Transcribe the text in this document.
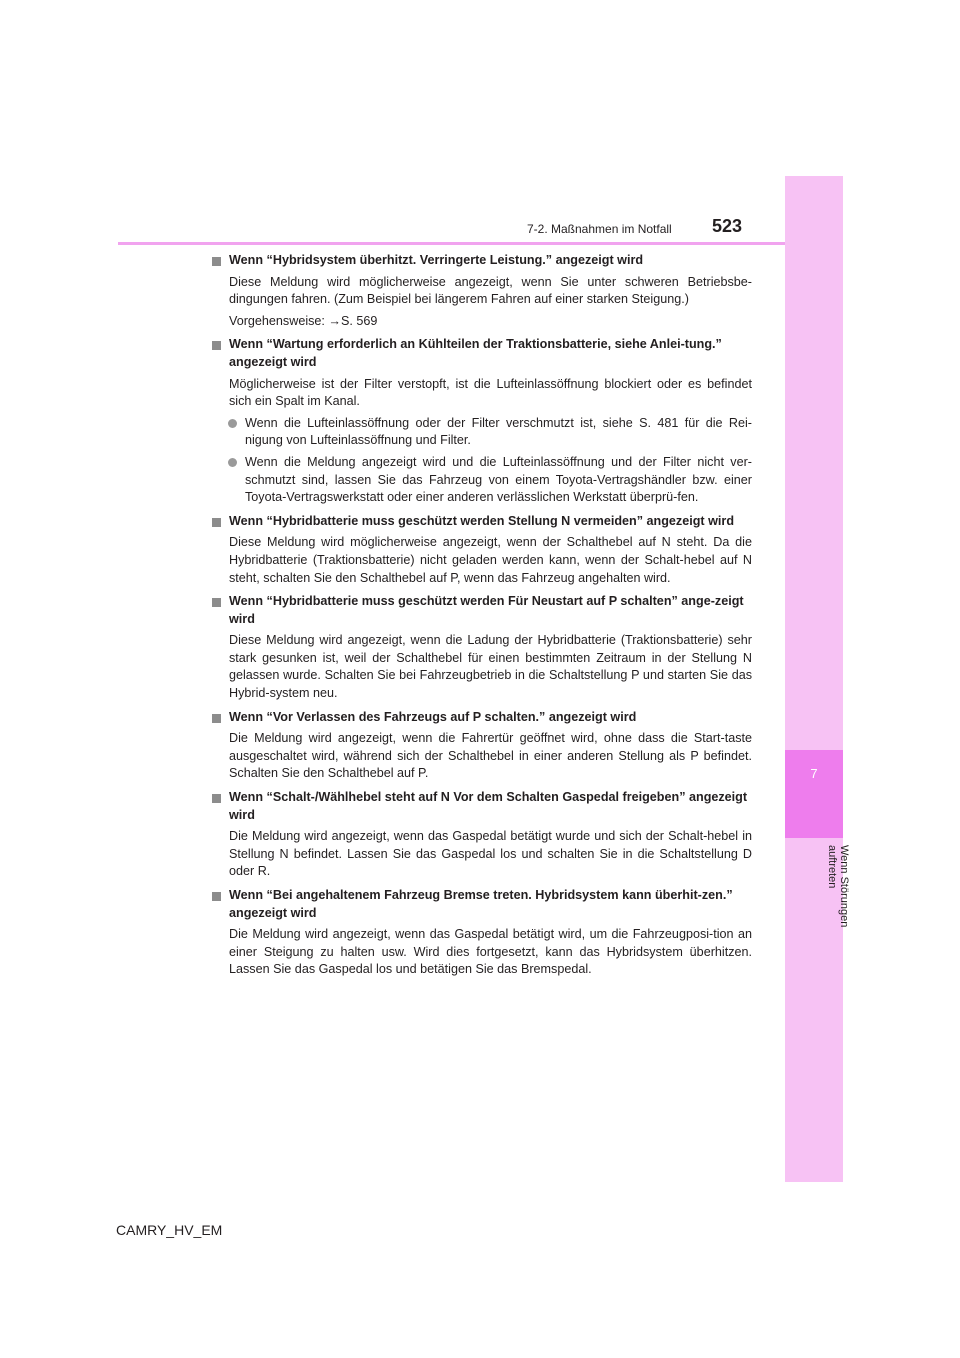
7
Wenn Störungen auftreten
7-2. Maßnahmen im Notfall 523
Wenn “Hybridsystem überhitzt. Verringerte Leistung.” angezeigt wird
Diese Meldung wird möglicherweise angezeigt, wenn Sie unter schweren Betriebsbe-dingungen fahren. (Zum Beispiel bei längerem Fahren auf einer starken Steigung.)
Vorgehensweise: →S. 569
Wenn “Wartung erforderlich an Kühlteilen der Traktionsbatterie, siehe Anlei-tung.” angezeigt wird
Möglicherweise ist der Filter verstopft, ist die Lufteinlassöffnung blockiert oder es befindet sich ein Spalt im Kanal.
Wenn die Lufteinlassöffnung oder der Filter verschmutzt ist, siehe S. 481 für die Rei-nigung von Lufteinlassöffnung und Filter.
Wenn die Meldung angezeigt wird und die Lufteinlassöffnung und der Filter nicht ver-schmutzt sind, lassen Sie das Fahrzeug von einem Toyota-Vertragshändler bzw. einer Toyota-Vertragswerkstatt oder einer anderen verlässlichen Werkstatt überprü-fen.
Wenn “Hybridbatterie muss geschützt werden Stellung N vermeiden” angezeigt wird
Diese Meldung wird möglicherweise angezeigt, wenn der Schalthebel auf N steht. Da die Hybridbatterie (Traktionsbatterie) nicht geladen werden kann, wenn der Schalt-hebel auf N steht, schalten Sie den Schalthebel auf P, wenn das Fahrzeug angehalten wird.
Wenn “Hybridbatterie muss geschützt werden Für Neustart auf P schalten” ange-zeigt wird
Diese Meldung wird angezeigt, wenn die Ladung der Hybridbatterie (Traktionsbatterie) sehr stark gesunken ist, weil der Schalthebel für einen bestimmten Zeitraum in der Stellung N gelassen wurde. Schalten Sie bei Fahrzeugbetrieb in die Schaltstellung P und starten Sie das Hybrid-system neu.
Wenn “Vor Verlassen des Fahrzeugs auf P schalten.” angezeigt wird
Die Meldung wird angezeigt, wenn die Fahrertür geöffnet wird, ohne dass die Start-taste ausgeschaltet wird, während sich der Schalthebel in einer anderen Stellung als P befindet. Schalten Sie den Schalthebel auf P.
Wenn “Schalt-/Wählhebel steht auf N Vor dem Schalten Gaspedal freigeben” angezeigt wird
Die Meldung wird angezeigt, wenn das Gaspedal betätigt wurde und sich der Schalt-hebel in Stellung N befindet. Lassen Sie das Gaspedal los und schalten Sie in die Schaltstellung D oder R.
Wenn “Bei angehaltenem Fahrzeug Bremse treten. Hybridsystem kann überhit-zen.” angezeigt wird
Die Meldung wird angezeigt, wenn das Gaspedal betätigt wird, um die Fahrzeugposi-tion an einer Steigung zu halten usw. Wird dies fortgesetzt, kann das Hybridsystem überhitzen. Lassen Sie das Gaspedal los und betätigen Sie das Bremspedal.
CAMRY_HV_EM
